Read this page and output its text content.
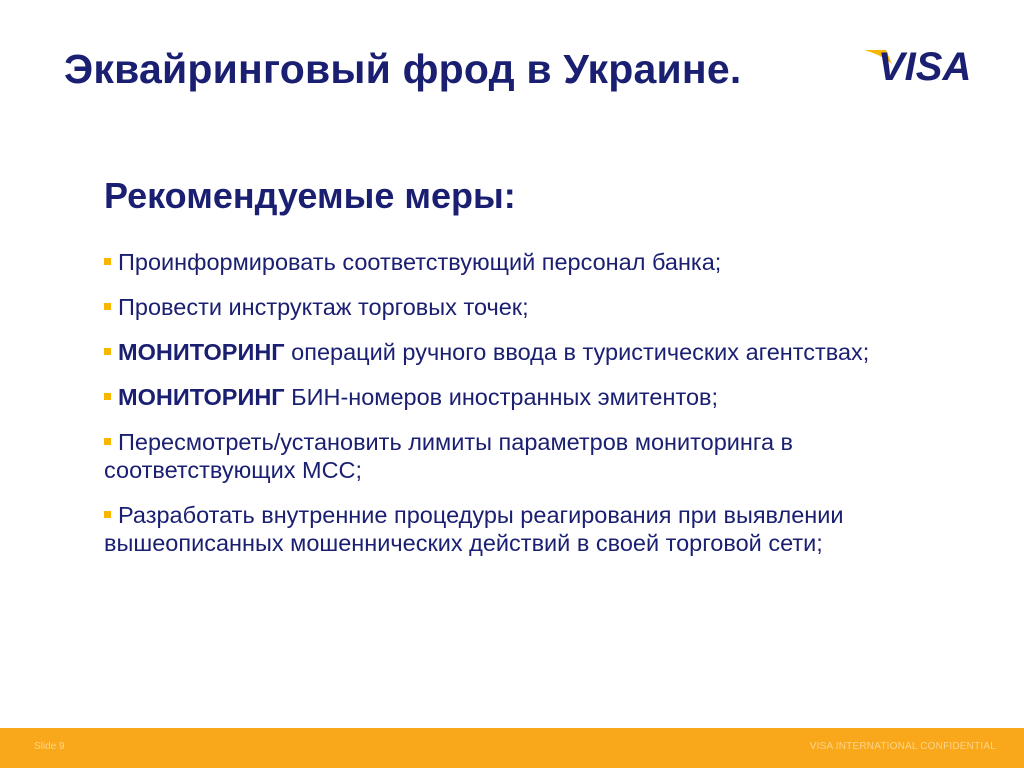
Эквайринговый фрод в Украине.	VISA
Рекомендуемые меры:
Проинформировать соответствующий персонал банка;
Провести инструктаж торговых точек;
МОНИТОРИНГ операций ручного ввода в туристических агентствах;
МОНИТОРИНГ БИН-номеров иностранных эмитентов;
Пересмотреть/установить лимиты параметров мониторинга в соответствующих MCC;
Разработать внутренние процедуры реагирования при выявлении вышеописанных мошеннических действий в своей торговой сети;
Slide 9	VISA INTERNATIONAL CONFIDENTIAL
